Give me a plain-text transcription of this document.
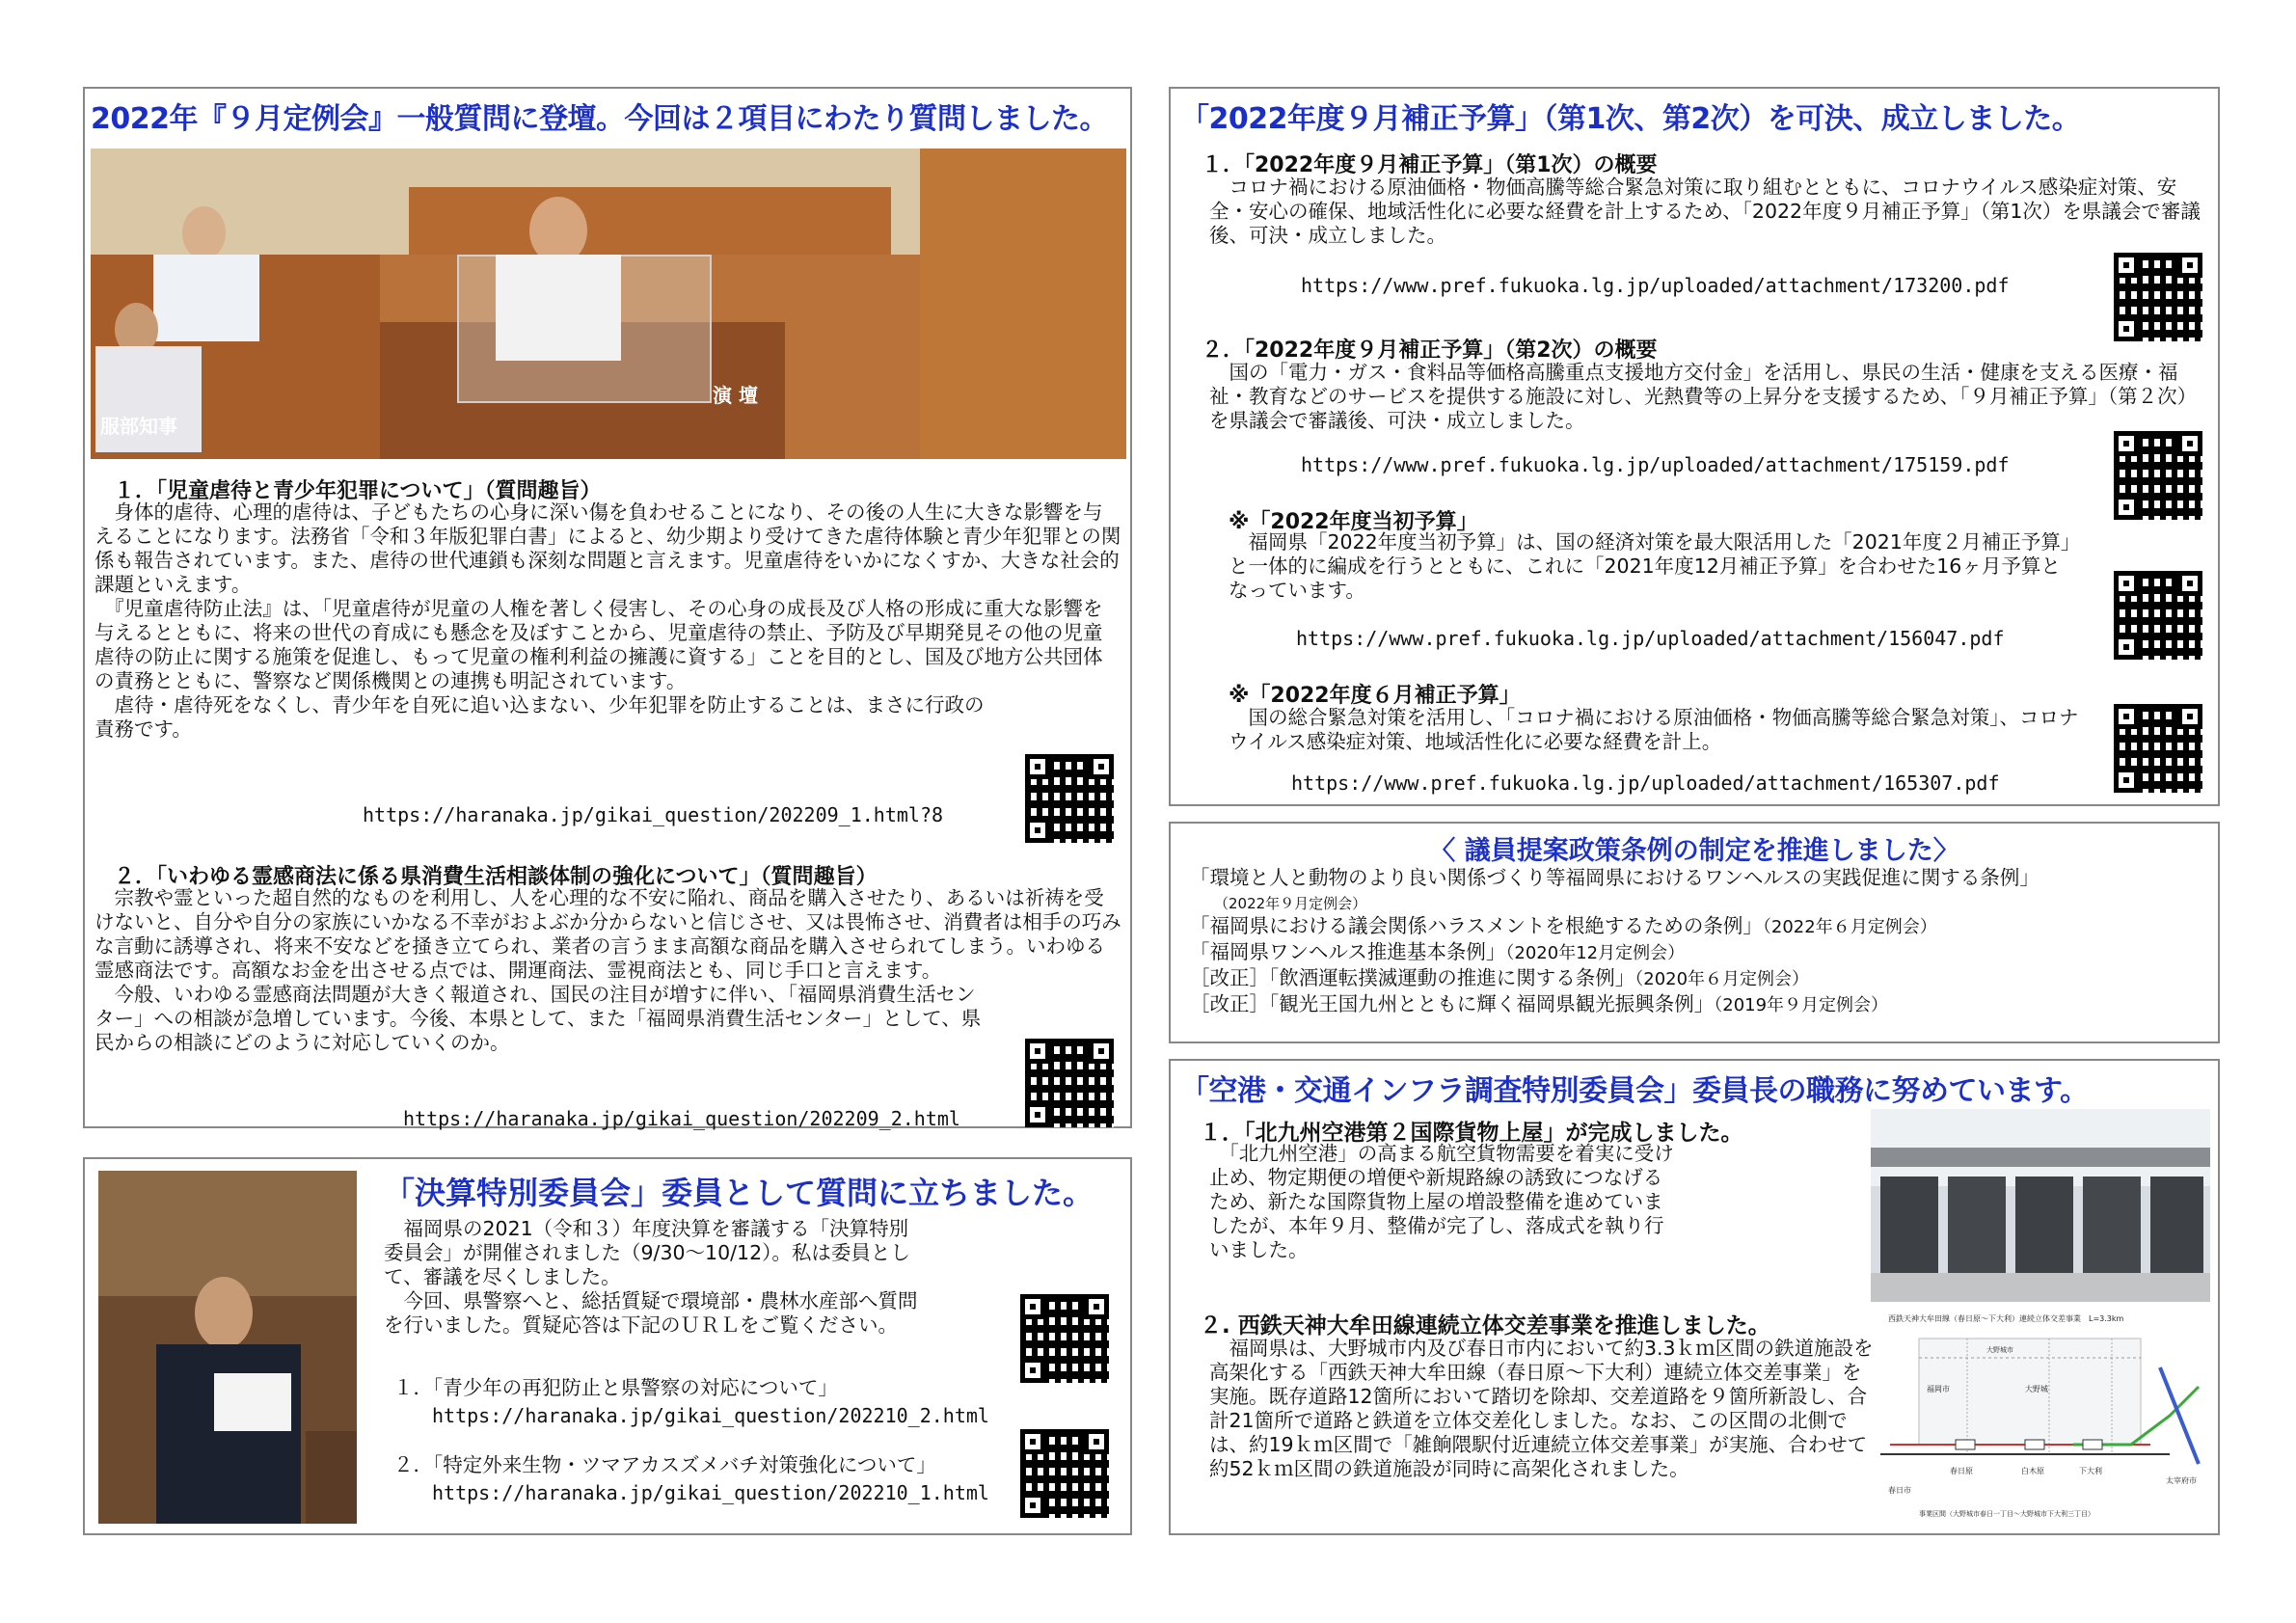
2022年『９月定例会』一般質問に登壇。今回は２項目にわたり質問しました。
服部知事
演 壇
１．「児童虐待と青少年犯罪について」（質問趣旨）

　身体的虐待、心理的虐待は、子どもたちの心身に深い傷を負わせることになり、その後の人生に大きな影響を与えることになります。法務省「令和３年版犯罪白書」によると、幼少期より受けてきた虐待体験と青少年犯罪との関係も報告されています。また、虐待の世代連鎖も深刻な問題と言えます。児童虐待をいかになくすか、大きな社会的課題といえます。

　『児童虐待防止法』は、「児童虐待が児童の人権を著しく侵害し、その心身の成長及び人格の形成に重大な影響を与えるとともに、将来の世代の育成にも懸念を及ぼすことから、児童虐待の禁止、予防及び早期発見その他の児童虐待の防止に関する施策を促進し、もって児童の権利利益の擁護に資する」ことを目的とし、国及び地方公共団体の責務とともに、警察など関係機関との連携も明記されています。

　虐待・虐待死をなくし、青少年を自死に追い込まない、少年犯罪を防止することは、まさに行政の責務です。

https://haranaka.jp/gikai_question/202209_1.html?8
２．「いわゆる霊感商法に係る県消費生活相談体制の強化について」（質問趣旨）

　宗教や霊といった超自然的なものを利用し、人を心理的な不安に陥れ、商品を購入させたり、あるいは祈祷を受けないと、自分や自分の家族にいかなる不幸がおよぶか分からないと信じさせ、又は畏怖させ、消費者は相手の巧みな言動に誘導され、将来不安などを掻き立てられ、業者の言うまま高額な商品を購入させられてしまう。いわゆる霊感商法です。高額なお金を出させる点では、開運商法、霊視商法とも、同じ手口と言えます。

　今般、いわゆる霊感商法問題が大きく報道され、国民の注目が増すに伴い、「福岡県消費生活センター」への相談が急増しています。今後、本県として、また「福岡県消費生活センター」として、県民からの相談にどのように対応していくのか。

https://haranaka.jp/gikai_question/202209_2.html
「決算特別委員会」委員として質問に立ちました。

　福岡県の2021（令和３）年度決算を審議する「決算特別委員会」が開催されました（9/30～10/12）。私は委員として、審議を尽くしました。

　今回、県警察へと、総括質疑で環境部・農林水産部へ質問を行いました。質疑応答は下記のＵＲＬをご覧ください。

１．「青少年の再犯防止と県警察の対応について」
https://haranaka.jp/gikai_question/202210_2.html
２．「特定外来生物・ツマアカスズメバチ対策強化について」
https://haranaka.jp/gikai_question/202210_1.html
「2022年度９月補正予算」（第1次、第2次）を可決、成立しました。
１．「2022年度９月補正予算」（第1次）の概要
　コロナ禍における原油価格・物価高騰等総合緊急対策に取り組むとともに、コロナウイルス感染症対策、安全・安心の確保、地域活性化に必要な経費を計上するため、「2022年度９月補正予算」（第1次）を県議会で審議後、可決・成立しました。
https://www.pref.fukuoka.lg.jp/uploaded/attachment/173200.pdf
２．「2022年度９月補正予算」（第2次）の概要
　国の「電力・ガス・食料品等価格高騰重点支援地方交付金」を活用し、県民の生活・健康を支える医療・福祉・教育などのサービスを提供する施設に対し、光熱費等の上昇分を支援するため、「９月補正予算」（第２次）を県議会で審議後、可決・成立しました。
https://www.pref.fukuoka.lg.jp/uploaded/attachment/175159.pdf
※「2022年度当初予算」
　福岡県「2022年度当初予算」は、国の経済対策を最大限活用した「2021年度２月補正予算」と一体的に編成を行うとともに、これに「2021年度12月補正予算」を合わせた16ヶ月予算となっています。
https://www.pref.fukuoka.lg.jp/uploaded/attachment/156047.pdf
※「2022年度６月補正予算」
　国の総合緊急対策を活用し、「コロナ禍における原油価格・物価高騰等総合緊急対策」、コロナウイルス感染症対策、地域活性化に必要な経費を計上。
https://www.pref.fukuoka.lg.jp/uploaded/attachment/165307.pdf
〈 議員提案政策条例の制定を推進しました〉
「環境と人と動物のより良い関係づくり等福岡県におけるワンヘルスの実践促進に関する条例」
（2022年９月定例会）
「福岡県における議会関係ハラスメントを根絶するための条例」（2022年６月定例会）
「福岡県ワンヘルス推進基本条例」（2020年12月定例会）
［改正］「飲酒運転撲滅運動の推進に関する条例」（2020年６月定例会）
［改正］「観光王国九州とともに輝く福岡県観光振興条例」（2019年９月定例会）
「空港・交通インフラ調査特別委員会」委員長の職務に努めています。
１．「北九州空港第２国際貨物上屋」が完成しました。
　「北九州空港」の高まる航空貨物需要を着実に受け止め、物定期便の増便や新規路線の誘致につなげるため、新たな国際貨物上屋の増設整備を進めていましたが、本年９月、整備が完了し、落成式を執り行いました。
２. 西鉄天神大牟田線連続立体交差事業を推進しました。
　福岡県は、大野城市内及び春日市内において約3.3ｋｍ区間の鉄道施設を高架化する「西鉄天神大牟田線（春日原～下大利）連続立体交差事業」を実施。既存道路12箇所において踏切を除却、交差道路を９箇所新設し、合計21箇所で道路と鉄道を立体交差化しました。なお、この区間の北側では、約19ｋｍ区間で「雑餉隈駅付近連続立体交差事業」が実施、合わせて約52ｋｍ区間の鉄道施設が同時に高架化されました。
西鉄天神大牟田線（春日原～下大利）連続立体交差事業　L=3.3km
春日原
大野城
白木原	下大利
福岡市
大野城市
春日市
太宰府市
事業区間（大野城市春日一丁目～大野城市下大利三丁目）
